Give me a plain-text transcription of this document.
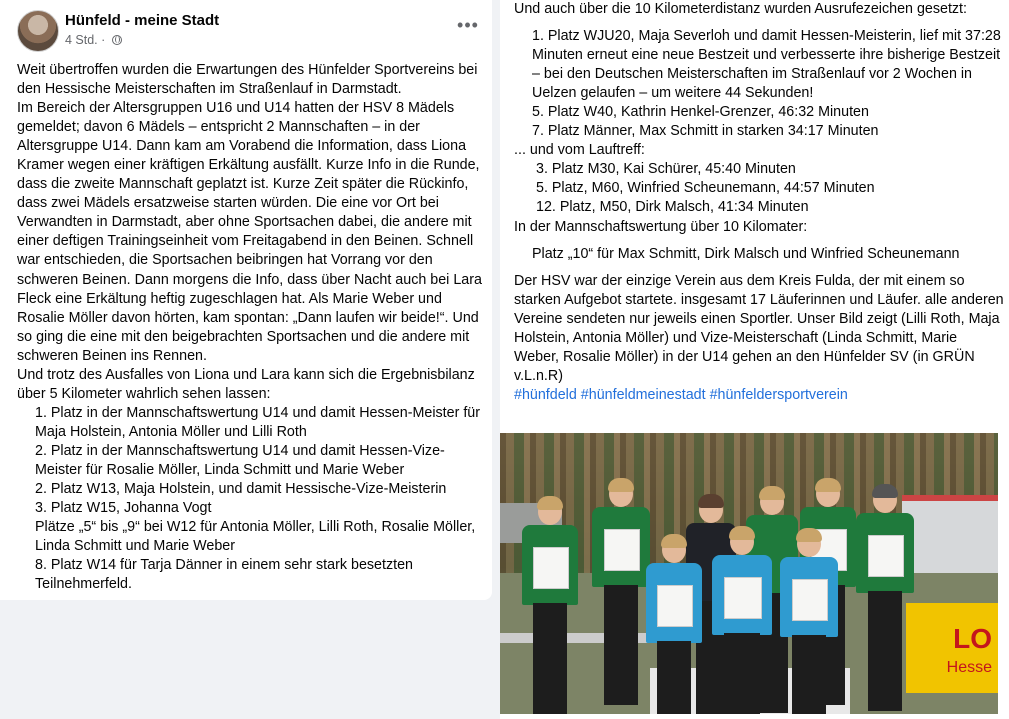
Hünfeld - meine Stadt
4 Std. ·
•••
Weit übertroffen wurden die Erwartungen des Hünfelder Sportvereins bei den Hessische Meisterschaften im Straßenlauf in Darmstadt.
Im Bereich der Altersgruppen U16 und U14 hatten der HSV 8 Mädels gemeldet; davon 6 Mädels – entspricht 2 Mannschaften – in der Altersgruppe U14. Dann kam am Vorabend die Information, dass Liona Kramer wegen einer kräftigen Erkältung ausfällt. Kurze Info in die Runde, dass die zweite Mannschaft geplatzt ist. Kurze Zeit später die Rückinfo, dass zwei Mädels ersatzweise starten würden. Die eine vor Ort bei Verwandten in Darmstadt, aber ohne Sportsachen dabei, die andere mit einer deftigen Trainingseinheit vom Freitagabend in den Beinen. Schnell war entschieden, die Sportsachen beibringen hat Vorrang vor den schweren Beinen. Dann morgens die Info, dass über Nacht auch bei Lara Fleck eine Erkältung heftig zugeschlagen hat. Als Marie Weber und Rosalie Möller davon hörten, kam spontan: „Dann laufen wir beide!“. Und so ging die eine mit den beigebrachten Sportsachen und die andere mit schweren Beinen ins Rennen.
Und trotz des Ausfalles von Liona und Lara kann sich die Ergebnisbilanz über 5 Kilometer wahrlich sehen lassen:
1. Platz in der Mannschaftswertung U14 und damit Hessen-Meister für Maja Holstein, Antonia Möller und Lilli Roth
2. Platz in der Mannschaftswertung U14 und damit Hessen-Vize-Meister für Rosalie Möller, Linda Schmitt und Marie Weber
2. Platz W13, Maja Holstein, und damit Hessische-Vize-Meisterin
3. Platz W15, Johanna Vogt
Plätze „5“ bis „9“ bei W12 für Antonia Möller, Lilli Roth, Rosalie Möller, Linda Schmitt und Marie Weber
8. Platz W14 für Tarja Dänner in einem sehr stark besetzten Teilnehmerfeld.
Und auch über die 10 Kilometerdistanz wurden Ausrufezeichen gesetzt:
1. Platz WJU20, Maja Severloh und damit Hessen-Meisterin, lief mit 37:28 Minuten erneut eine neue Bestzeit und verbesserte ihre bisherige Bestzeit – bei den Deutschen Meisterschaften im Straßenlauf vor 2 Wochen in Uelzen gelaufen – um weitere 44 Sekunden!
5. Platz W40, Kathrin Henkel-Grenzer, 46:32 Minuten
7. Platz Männer, Max Schmitt in starken 34:17 Minuten
... und vom Lauftreff:
3. Platz M30, Kai Schürer, 45:40 Minuten
5. Platz, M60, Winfried Scheunemann, 44:57 Minuten
12. Platz, M50, Dirk Malsch, 41:34 Minuten
In der Mannschaftswertung über 10 Kilomater:
Platz „10“ für Max Schmitt, Dirk Malsch und Winfried Scheunemann
Der HSV war der einzige Verein aus dem Kreis Fulda, der mit einem so starken Aufgebot startete. insgesamt 17 Läuferinnen und Läufer. alle anderen Vereine sendeten nur jeweils einen Sportler. Unser Bild zeigt (Lilli Roth, Maja Holstein, Antonia Möller) und Vize-Meisterschaft (Linda Schmitt, Marie Weber, Rosalie Möller) in der U14 gehen an den Hünfelder SV (in GRÜN v.L.n.R)
#hünfdeld #hünfeldmeinestadt #hünfeldersportverein
LO
Hesse
